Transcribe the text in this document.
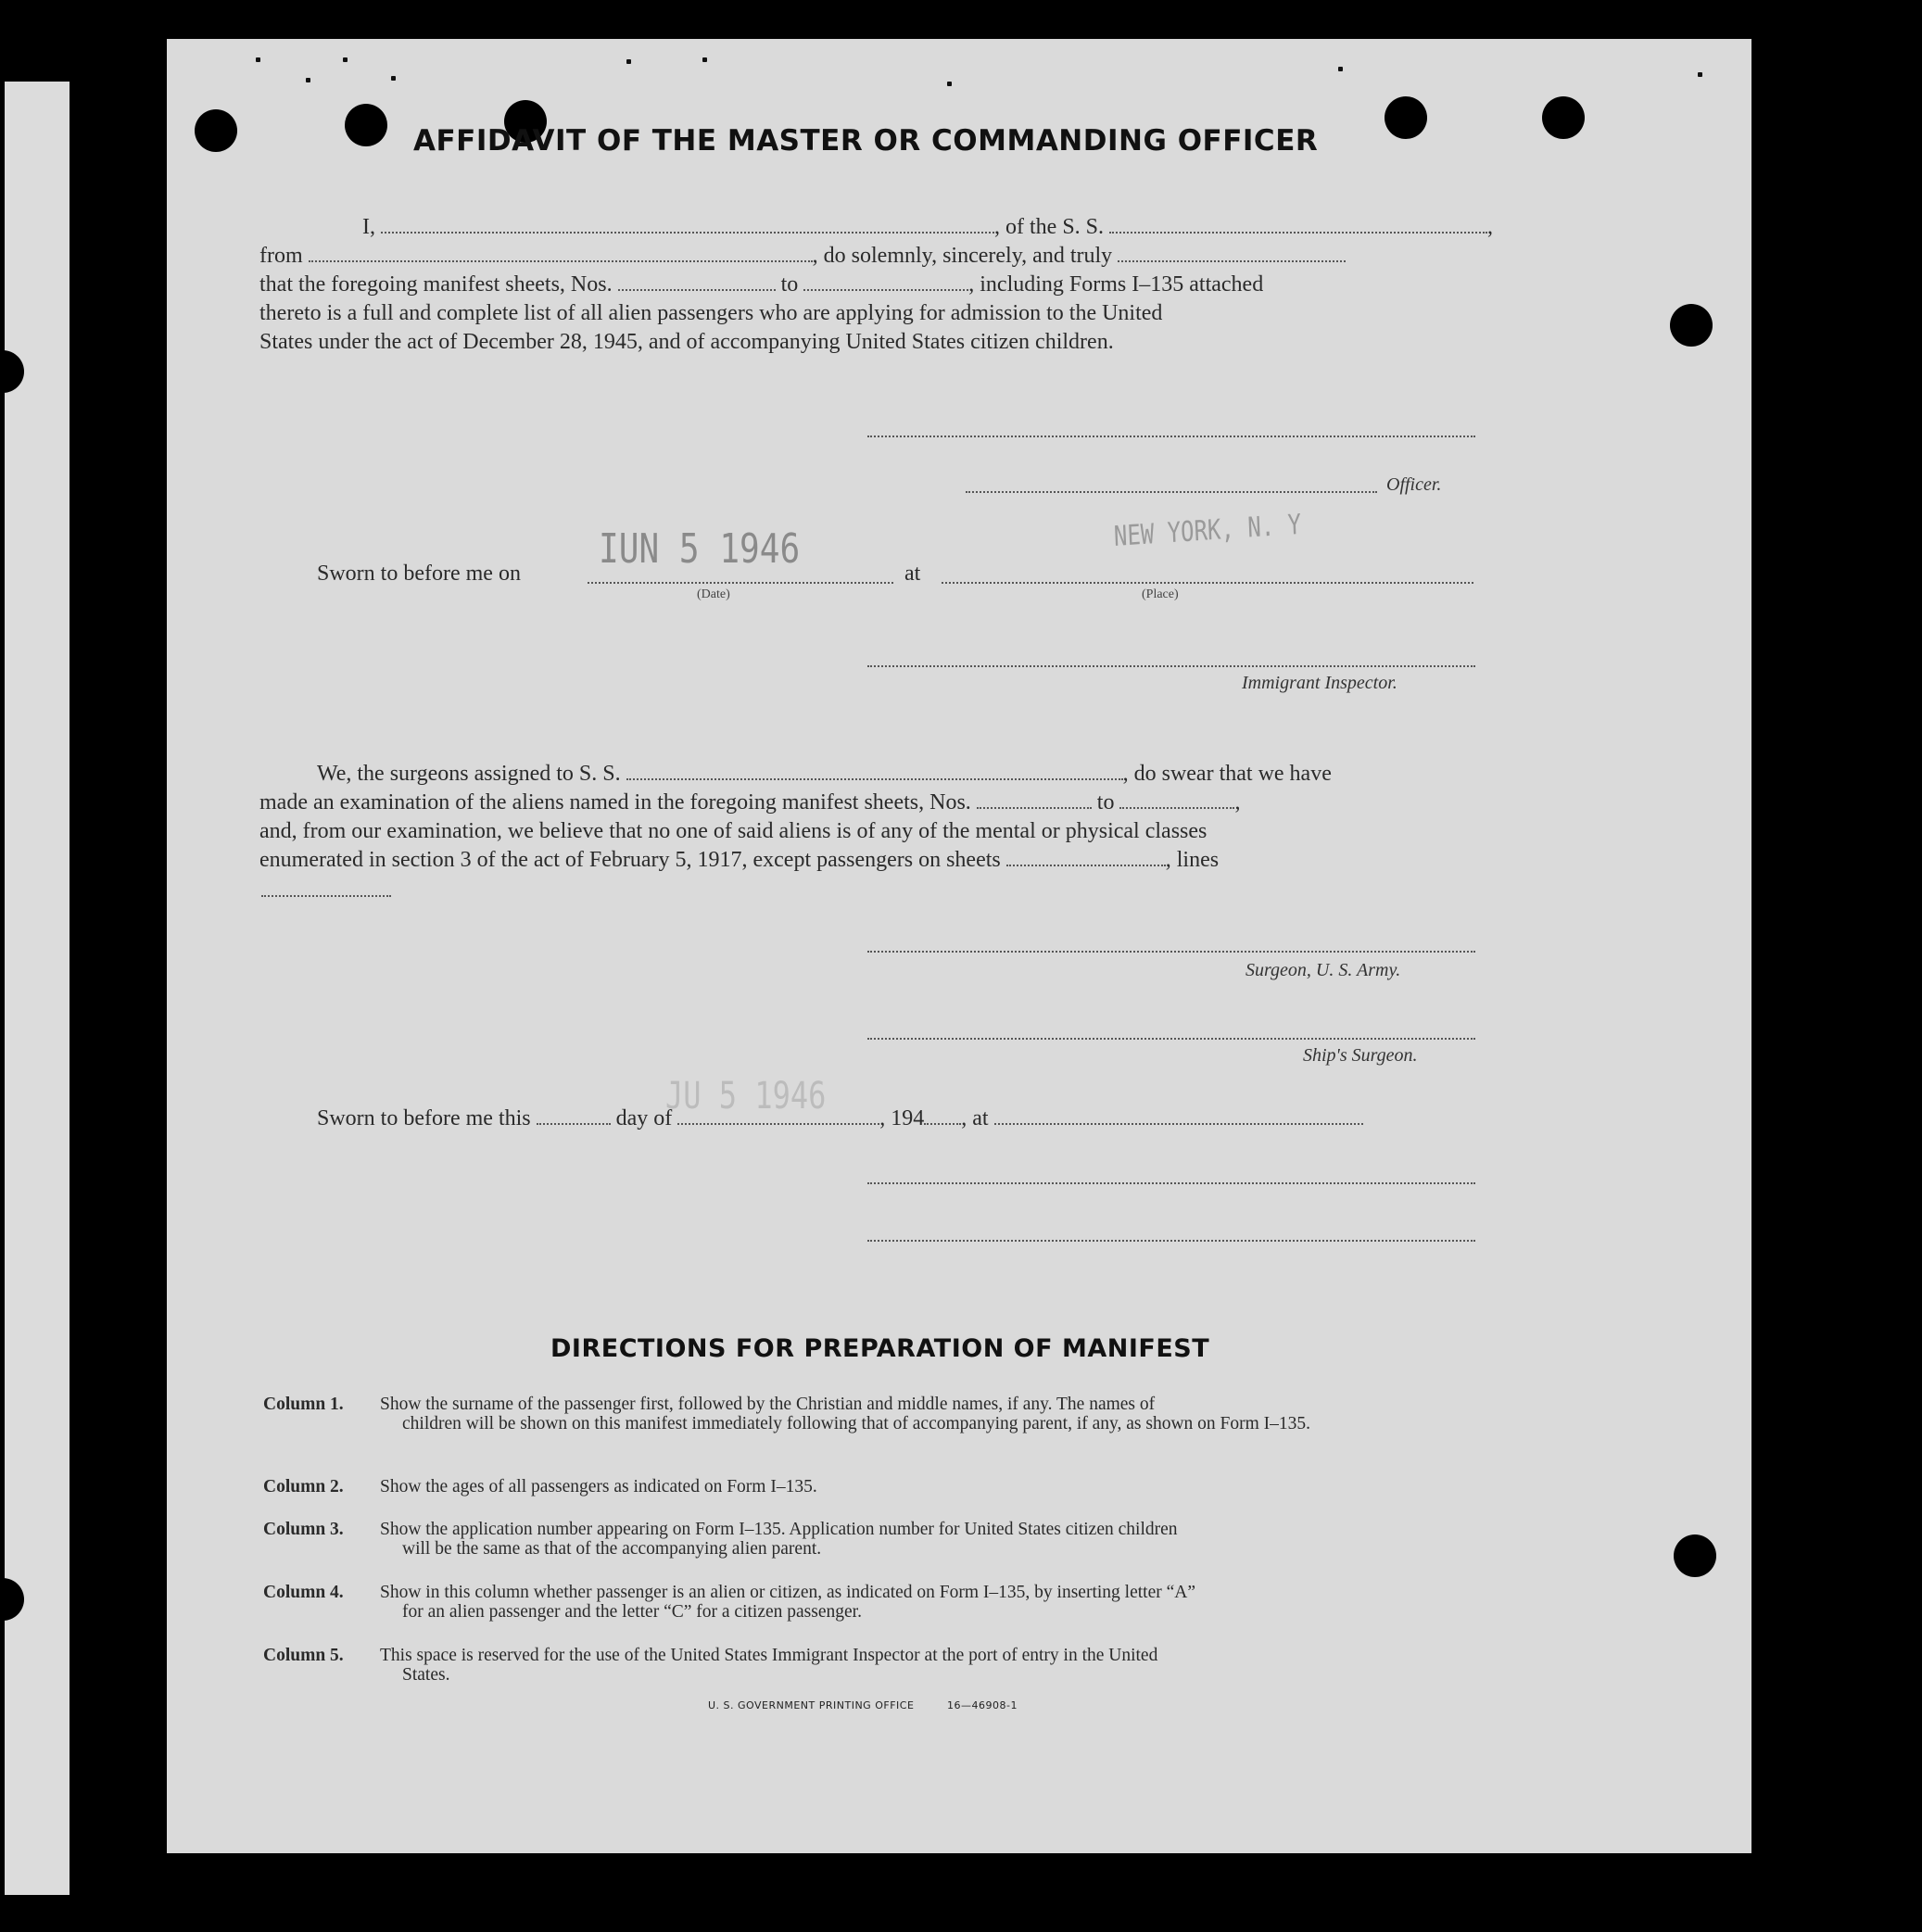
AFFIDAVIT OF THE MASTER OR COMMANDING OFFICER
I,	, of the S. S.	,
from	, do solemnly, sincerely, and truly
that the foregoing manifest sheets, Nos.	to	, including Forms I–135 attached
thereto is a full and complete list of all alien passengers who are applying for admission to the United
States under the act of December 28, 1945, and of accompanying United States citizen children.
Officer.
Sworn to before me on
IUN 5 1946
(Date)
at
NEW YORK, N. Y
(Place)
Immigrant Inspector.
We, the surgeons assigned to S. S.	, do swear that we have
made an examination of the aliens named in the foregoing manifest sheets, Nos.	to	,
and, from our examination, we believe that no one of said aliens is of any of the mental or physical classes
enumerated in section 3 of the act of February 5, 1917, except passengers on sheets	, lines
Surgeon, U. S. Army.
Ship's Surgeon.
Sworn to before me this	day of	, 194 , at
JU 5 1946
DIRECTIONS FOR PREPARATION OF MANIFEST
Column 1. Show the surname of the passenger first, followed by the Christian and middle names, if any. The names of
children will be shown on this manifest immediately following that of accompanying parent, if any, as shown on Form I–135.
Column 2. Show the ages of all passengers as indicated on Form I–135.
Column 3. Show the application number appearing on Form I–135. Application number for United States citizen children
will be the same as that of the accompanying alien parent.
Column 4. Show in this column whether passenger is an alien or citizen, as indicated on Form I–135, by inserting letter “A”
for an alien passenger and the letter “C” for a citizen passenger.
Column 5. This space is reserved for the use of the United States Immigrant Inspector at the port of entry in the United
States.
U. S. GOVERNMENT PRINTING OFFICE	16—46908-1
